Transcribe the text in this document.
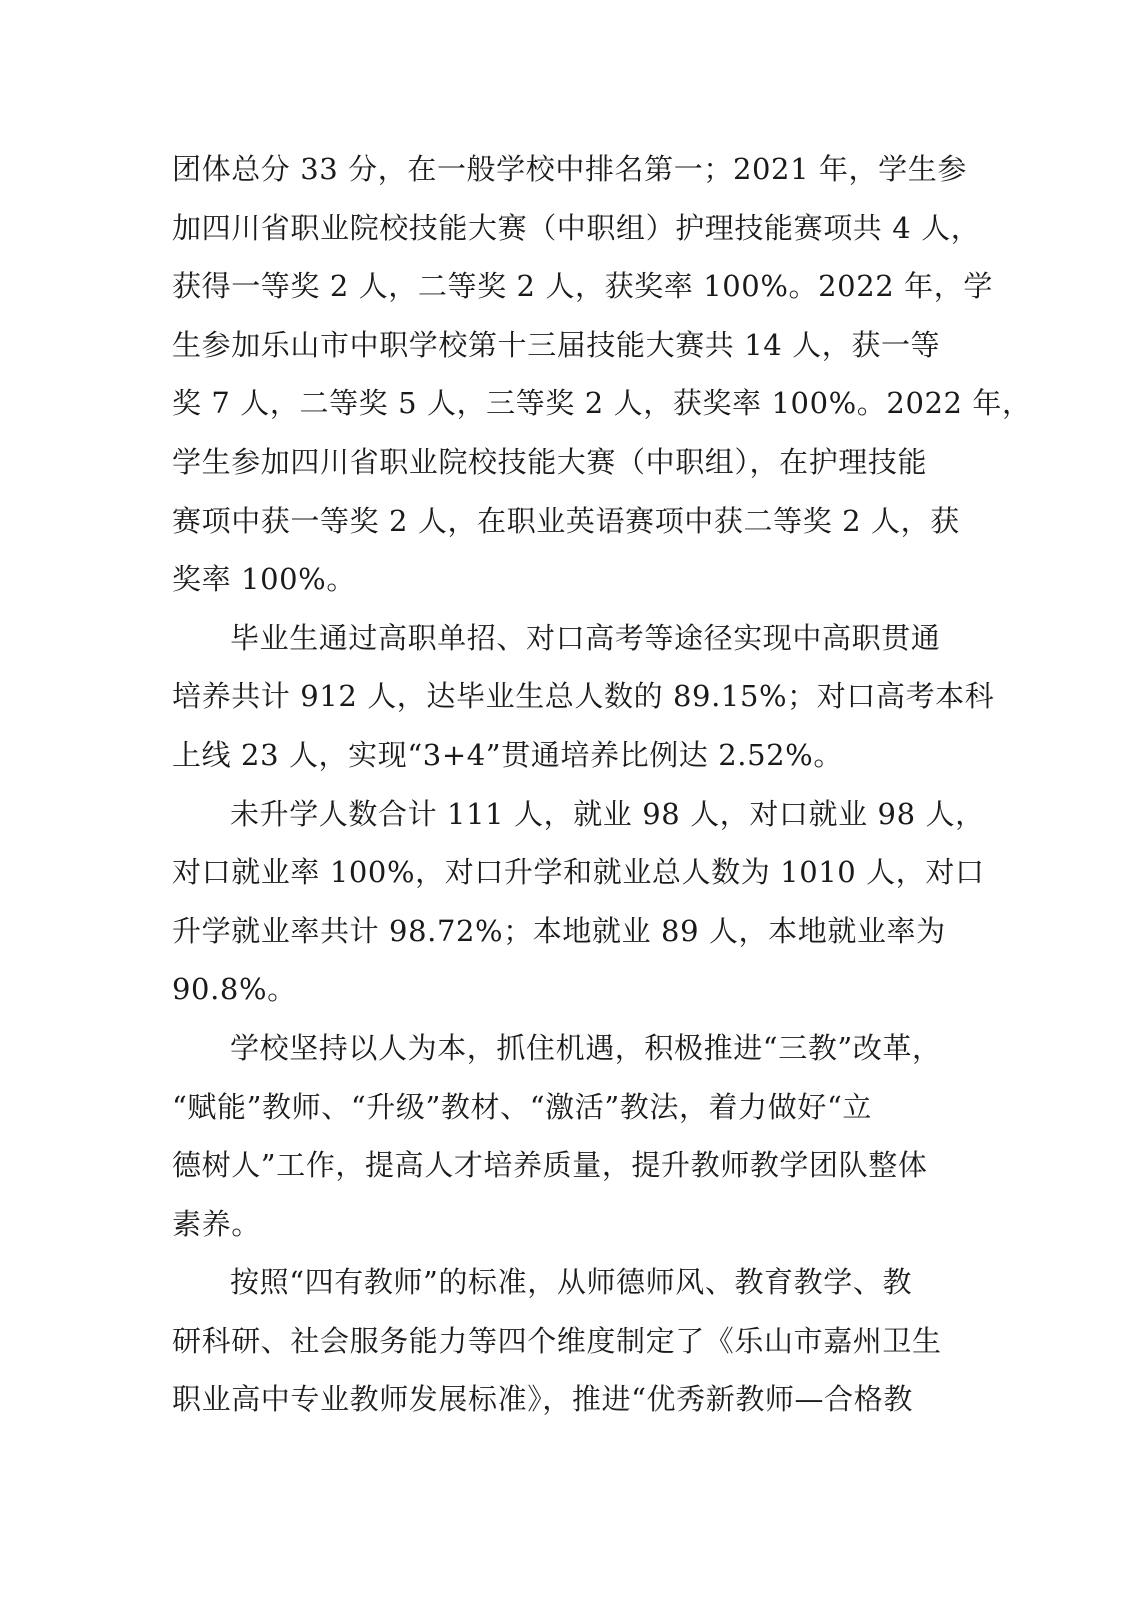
团体总分 33 分，在一般学校中排名第一；2021 年，学生参
加四川省职业院校技能大赛（中职组）护理技能赛项共 4 人，
获得一等奖 2 人，二等奖 2 人，获奖率 100%。2022 年，学
生参加乐山市中职学校第十三届技能大赛共 14 人，获一等
奖 7 人，二等奖 5 人，三等奖 2 人，获奖率 100%。2022 年，
学生参加四川省职业院校技能大赛（中职组），在护理技能
赛项中获一等奖 2 人，在职业英语赛项中获二等奖 2 人，获
奖率 100%。

毕业生通过高职单招、对口高考等途径实现中高职贯通
培养共计 912 人，达毕业生总人数的 89.15%；对口高考本科
上线 23 人，实现“3+4”贯通培养比例达 2.52%。

未升学人数合计 111 人，就业 98 人，对口就业 98 人，
对口就业率 100%，对口升学和就业总人数为 1010 人，对口
升学就业率共计 98.72%；本地就业 89 人，本地就业率为
90.8%。

学校坚持以人为本，抓住机遇，积极推进“三教”改革，
“赋能”教师、“升级”教材、“激活”教法，着力做好“立
德树人”工作，提高人才培养质量，提升教师教学团队整体
素养。

按照“四有教师”的标准，从师德师风、教育教学、教
研科研、社会服务能力等四个维度制定了《乐山市嘉州卫生
职业高中专业教师发展标准》，推进“优秀新教师—合格教
